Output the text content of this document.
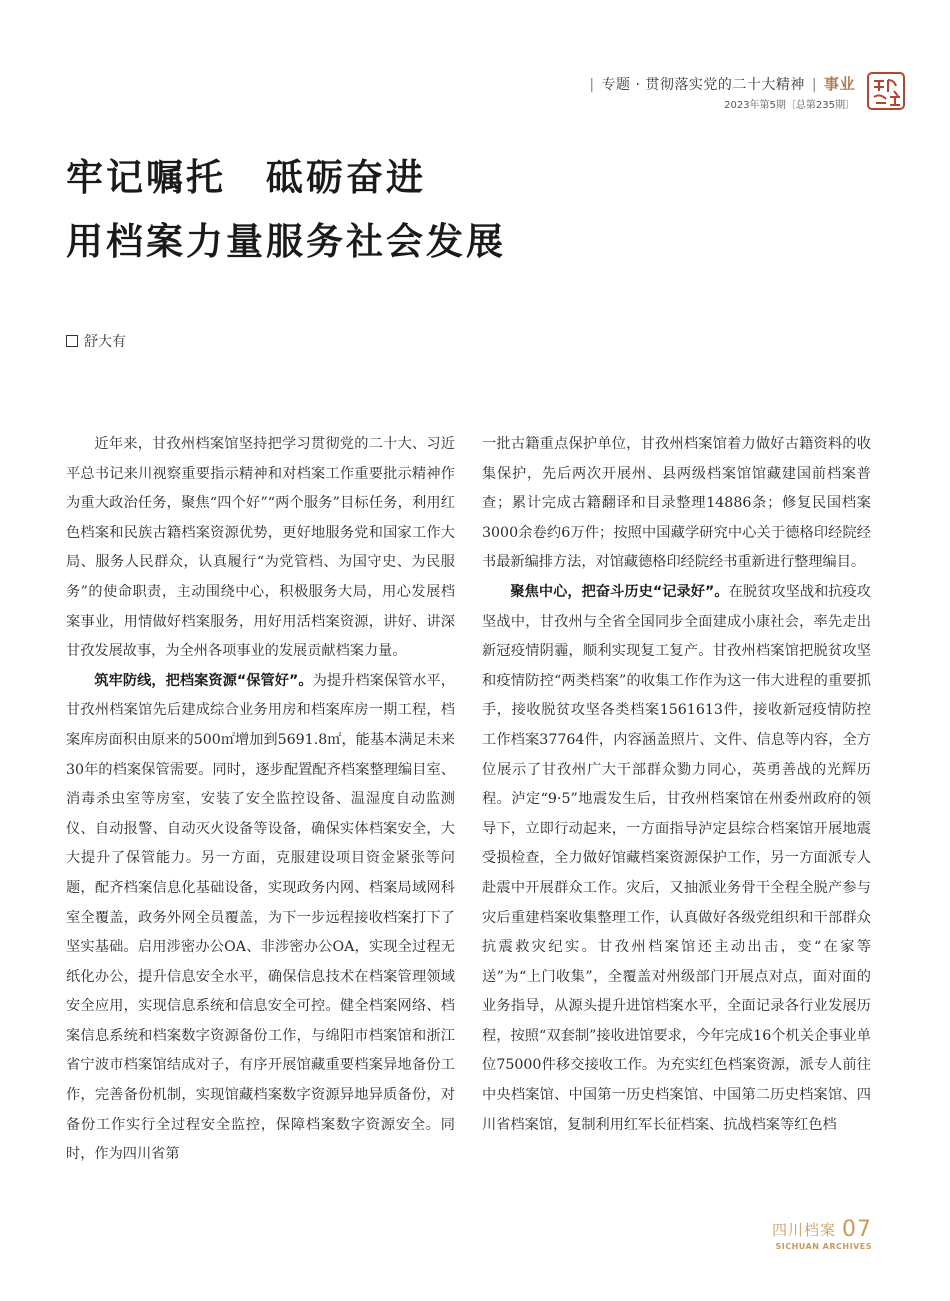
| 专题 · 贯彻落实党的二十大精神 | 事业
2023年第5期〔总第235期〕
牢记嘱托 砥砺奋进
用档案力量服务社会发展
舒大有

近年来，甘孜州档案馆坚持把学习贯彻党的二十大、习近平总书记来川视察重要指示精神和对档案工作重要批示精神作为重大政治任务，聚焦“四个好”“两个服务”目标任务，利用红色档案和民族古籍档案资源优势，更好地服务党和国家工作大局、服务人民群众，认真履行“为党管档、为国守史、为民服务”的使命职责，主动围绕中心，积极服务大局，用心发展档案事业，用情做好档案服务，用好用活档案资源，讲好、讲深甘孜发展故事，为全州各项事业的发展贡献档案力量。

筑牢防线，把档案资源“保管好”。为提升档案保管水平，甘孜州档案馆先后建成综合业务用房和档案库房一期工程，档案库房面积由原来的500㎡增加到5691.8㎡，能基本满足未来30年的档案保管需要。同时，逐步配置配齐档案整理编目室、消毒杀虫室等房室，安装了安全监控设备、温湿度自动监测仪、自动报警、自动灭火设备等设备，确保实体档案安全，大大提升了保管能力。另一方面，克服建设项目资金紧张等问题，配齐档案信息化基础设备，实现政务内网、档案局域网科室全覆盖，政务外网全员覆盖，为下一步远程接收档案打下了坚实基础。启用涉密办公OA、非涉密办公OA，实现全过程无纸化办公，提升信息安全水平，确保信息技术在档案管理领域安全应用，实现信息系统和信息安全可控。健全档案网络、档案信息系统和档案数字资源备份工作，与绵阳市档案馆和浙江省宁波市档案馆结成对子，有序开展馆藏重要档案异地备份工作，完善备份机制，实现馆藏档案数字资源异地异质备份，对备份工作实行全过程安全监控，保障档案数字资源安全。同时，作为四川省第

一批古籍重点保护单位，甘孜州档案馆着力做好古籍资料的收集保护，先后两次开展州、县两级档案馆馆藏建国前档案普查；累计完成古籍翻译和目录整理14886条；修复民国档案3000余卷约6万件；按照中国藏学研究中心关于德格印经院经书最新编排方法，对馆藏德格印经院经书重新进行整理编目。

聚焦中心，把奋斗历史“记录好”。在脱贫攻坚战和抗疫攻坚战中，甘孜州与全省全国同步全面建成小康社会，率先走出新冠疫情阴霾，顺利实现复工复产。甘孜州档案馆把脱贫攻坚和疫情防控“两类档案”的收集工作作为这一伟大进程的重要抓手，接收脱贫攻坚各类档案1561613件，接收新冠疫情防控工作档案37764件，内容涵盖照片、文件、信息等内容，全方位展示了甘孜州广大干部群众勠力同心，英勇善战的光辉历程。泸定“9·5”地震发生后，甘孜州档案馆在州委州政府的领导下，立即行动起来，一方面指导泸定县综合档案馆开展地震受损检查，全力做好馆藏档案资源保护工作，另一方面派专人赴震中开展群众工作。灾后，又抽派业务骨干全程全脱产参与灾后重建档案收集整理工作，认真做好各级党组织和干部群众抗震救灾纪实。甘孜州档案馆还主动出击，变“在家等送”为“上门收集”，全覆盖对州级部门开展点对点，面对面的业务指导，从源头提升进馆档案水平，全面记录各行业发展历程，按照“双套制”接收进馆要求，今年完成16个机关企事业单位75000件移交接收工作。为充实红色档案资源，派专人前往中央档案馆、中国第一历史档案馆、中国第二历史档案馆、四川省档案馆，复制利用红军长征档案、抗战档案等红色档

四川档案 07
SICHUAN ARCHIVES
